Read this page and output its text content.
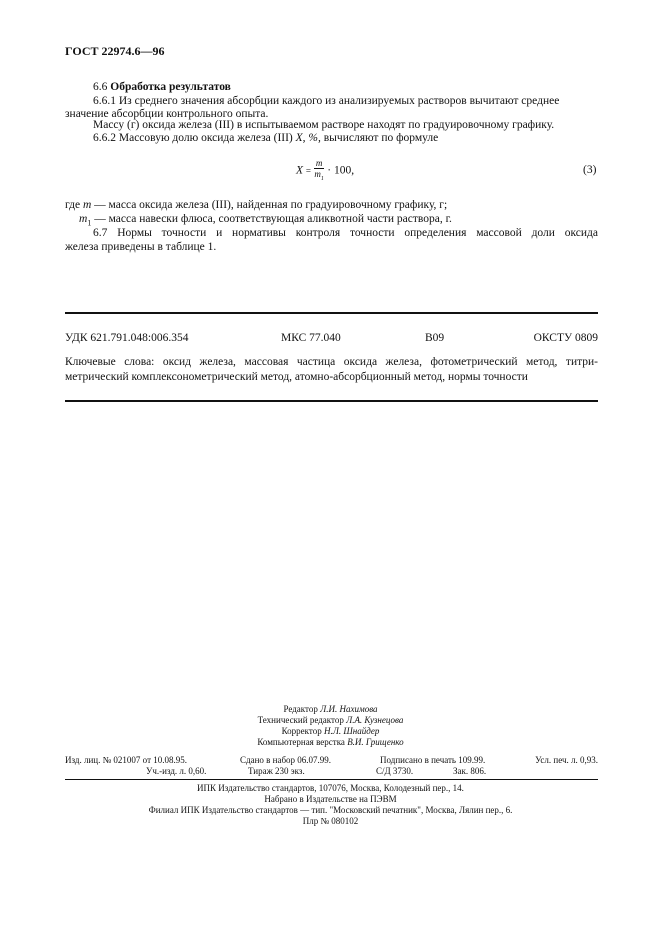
ГОСТ 22974.6—96
6.6 Обработка результатов
6.6.1 Из среднего значения абсорбции каждого из анализируемых растворов вычитают среднее
значение абсорбции контрольного опыта.
Массу (г) оксида железа (III) в испытываемом растворе находят по градуировочному графику.
6.6.2 Массовую долю оксида железа (III) X, %, вычисляют по формуле
$X = \frac{m}{m_1} \cdot 100$,	(3)
где m — масса оксида железа (III), найденная по градуировочному графику, г;
$m_1$ — масса навески флюса, соответствующая аликвотной части раствора, г.
6.7 Нормы точности и нормативы контроля точности определения массовой доли оксида
железа приведены в таблице 1.
УДК 621.791.048:006.354	МКС 77.040	В09	ОКСТУ 0809
Ключевые слова: оксид железа, массовая частица оксида железа, фотометрический метод, титри-
метрический комплексонометрический метод, атомно-абсорбционный метод, нормы точности
Редактор Л.И. Нахимова
Технический редактор Л.А. Кузнецова
Корректор Н.Л. Шнайдер
Компьютерная верстка В.И. Грищенко
Изд. лиц. № 021007 от 10.08.95.	Сдано в набор 06.07.99.	Подписано в печать 109.99.	Усл. печ. л. 0,93.
Уч.-изд. л. 0,60.	Тираж 230 экз.	С/Д 3730.	Зак. 806.
ИПК Издательство стандартов, 107076, Москва, Колодезный пер., 14.
Набрано в Издательстве на ПЭВМ
Филиал ИПК Издательство стандартов — тип. "Московский печатник", Москва, Лялин пер., 6.
Плр № 080102
